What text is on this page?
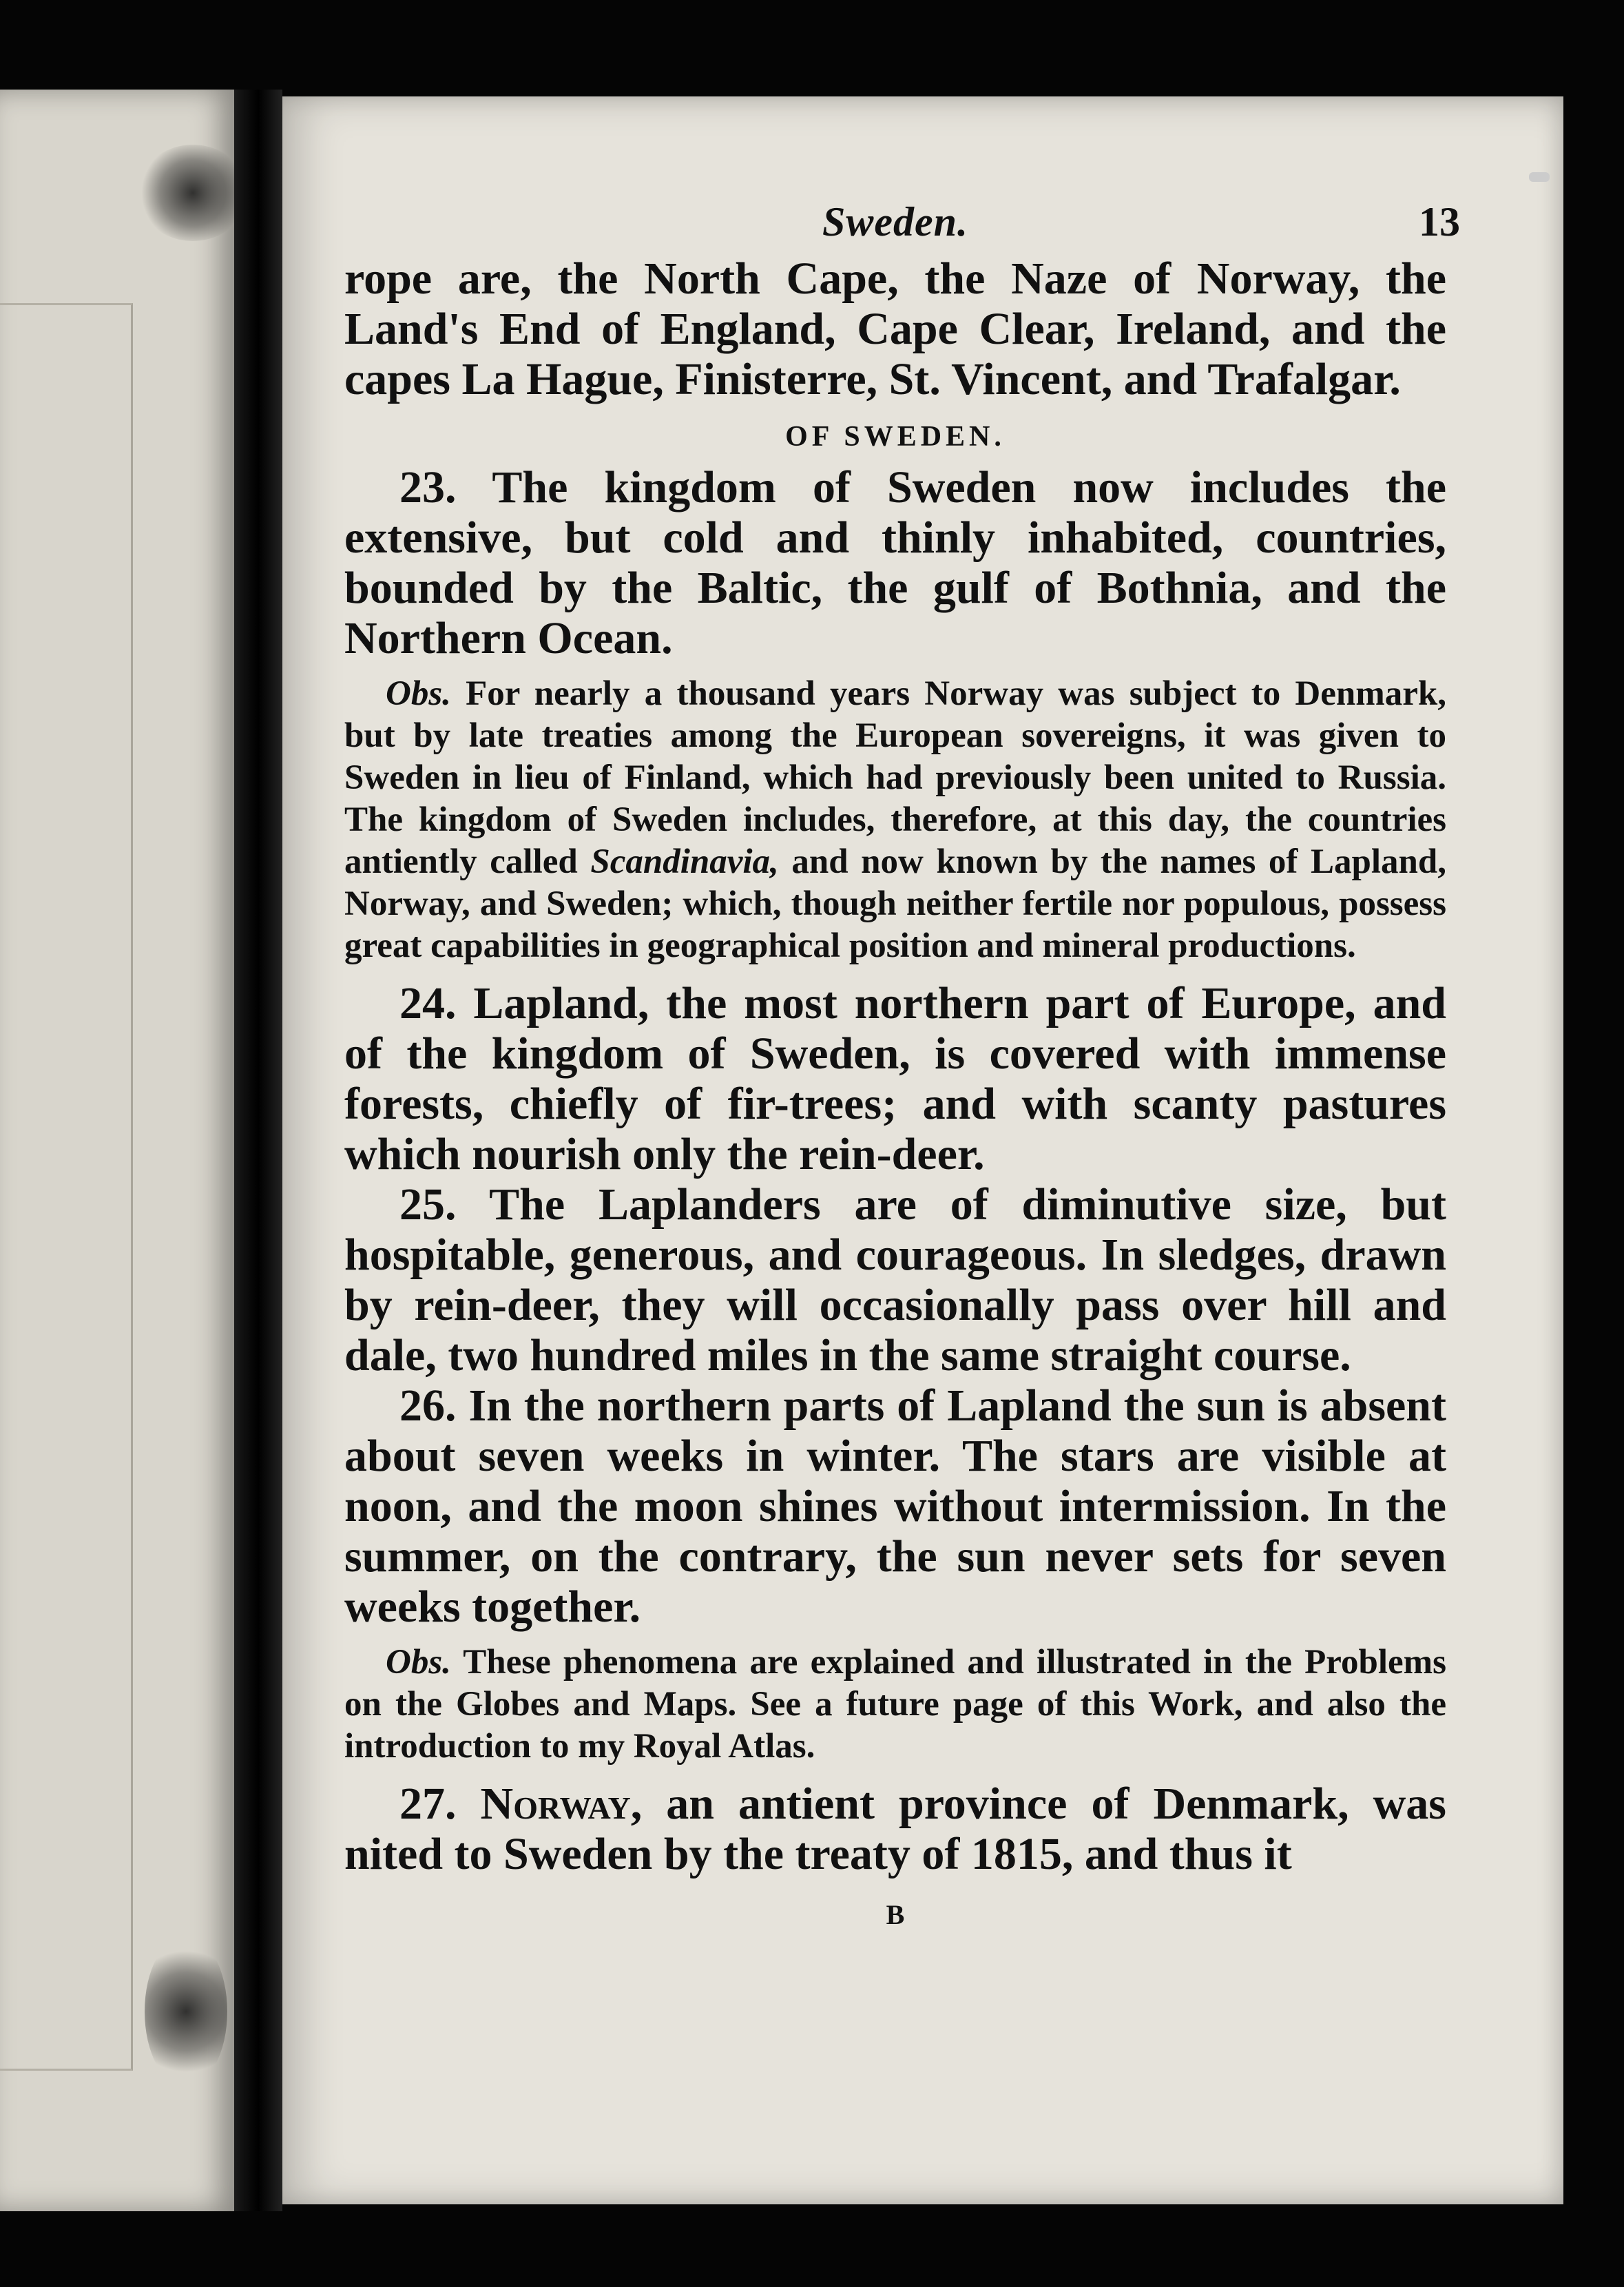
Sweden.	13

rope are, the North Cape, the Naze of Norway, the Land's End of England, Cape Clear, Ireland, and the capes La Hague, Finisterre, St. Vincent, and Trafalgar.

OF SWEDEN.

23. The kingdom of Sweden now includes the extensive, but cold and thinly inhabited, countries, bounded by the Baltic, the gulf of Bothnia, and the Northern Ocean.

Obs. For nearly a thousand years Norway was subject to Denmark, but by late treaties among the European sovereigns, it was given to Sweden in lieu of Finland, which had previously been united to Russia. The kingdom of Sweden includes, therefore, at this day, the countries antiently called Scandinavia, and now known by the names of Lapland, Norway, and Sweden; which, though neither fertile nor populous, possess great capabilities in geographical position and mineral productions.

24. Lapland, the most northern part of Europe, and of the kingdom of Sweden, is covered with immense forests, chiefly of fir-trees; and with scanty pastures which nourish only the rein-deer.

25. The Laplanders are of diminutive size, but hospitable, generous, and courageous. In sledges, drawn by rein-deer, they will occasionally pass over hill and dale, two hundred miles in the same straight course.

26. In the northern parts of Lapland the sun is absent about seven weeks in winter. The stars are visible at noon, and the moon shines without intermission. In the summer, on the contrary, the sun never sets for seven weeks together.

Obs. These phenomena are explained and illustrated in the Problems on the Globes and Maps. See a future page of this Work, and also the introduction to my Royal Atlas.

27. Norway, an antient province of Denmark, was nited to Sweden by the treaty of 1815, and thus it

B
